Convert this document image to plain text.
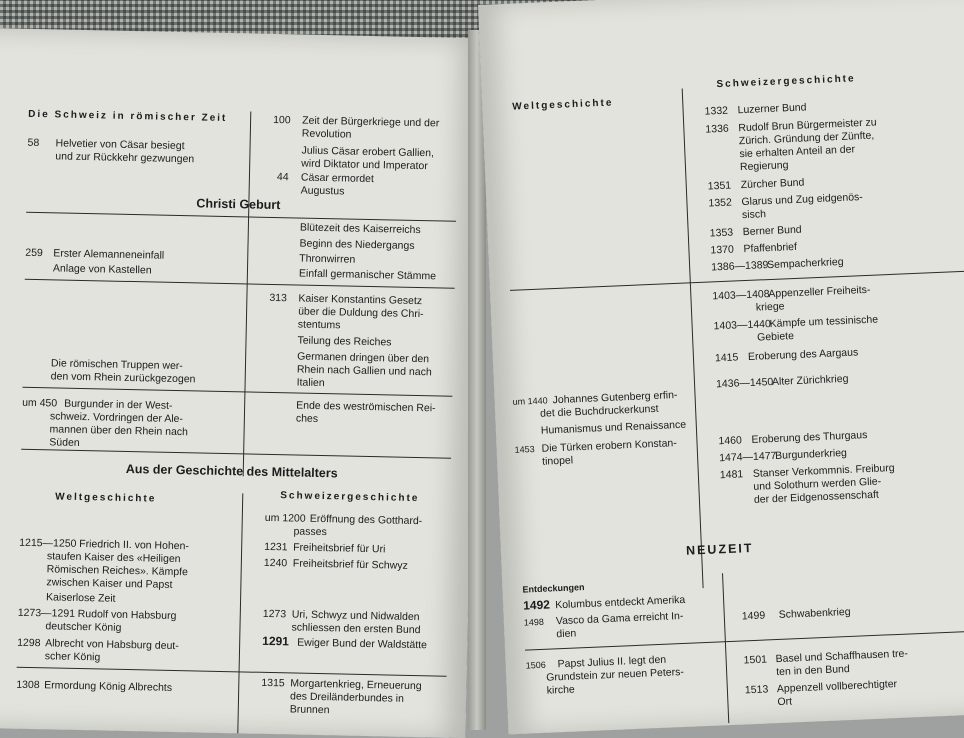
Die Schweiz in römischer Zeit
58 Helvetier von Cäsar besiegt
und zur Rückkehr gezwungen
100 Zeit der Bürgerkriege und der
Revolution
Julius Cäsar erobert Gallien,
wird Diktator und Imperator
44 Cäsar ermordet
Augustus
Christi Geburt
Blütezeit des Kaiserreichs
Beginn des Niedergangs
Thronwirren
Einfall germanischer Stämme
259 Erster Alemanneneinfall
Anlage von Kastellen
313 Kaiser Konstantins Gesetz
über die Duldung des Chri-
stentums
Teilung des Reiches
Germanen dringen über den
Rhein nach Gallien und nach
Italien
Die römischen Truppen wer-
den vom Rhein zurückgezogen
um 450 Burgunder in der West-
schweiz. Vordringen der Ale-
mannen über den Rhein nach
Süden
Ende des weströmischen Rei-
ches
Aus der Geschichte des Mittelalters
Weltgeschichte	Schweizergeschichte
1215—1250 Friedrich II. von Hohen-
staufen Kaiser des «Heiligen
Römischen Reiches». Kämpfe
zwischen Kaiser und Papst
Kaiserlose Zeit
1273—1291 Rudolf von Habsburg
deutscher König
1298 Albrecht von Habsburg deut-
scher König
1308 Ermordung König Albrechts
um 1200 Eröffnung des Gotthard-
passes
1231 Freiheitsbrief für Uri
1240 Freiheitsbrief für Schwyz
1273 Uri, Schwyz und Nidwalden
schliessen den ersten Bund
1291 Ewiger Bund der Waldstätte
1315 Morgartenkrieg, Erneuerung
des Dreiländerbundes in
Brunnen
Weltgeschichte
Schweizergeschichte
1332 Luzerner Bund
1336 Rudolf Brun Bürgermeister zu
Zürich. Gründung der Zünfte,
sie erhalten Anteil an der
Regierung
1351 Zürcher Bund
1352 Glarus und Zug eidgenös-
sisch
1353 Berner Bund
1370 Pfaffenbrief
1386—1389
Sempacherkrieg
1403—1408
Appenzeller Freiheits-
kriege
1403—1440
Kämpfe um tessinische
Gebiete
1415 Eroberung des Aargaus
1436—1450
Alter Zürichkrieg
um 1440 Johannes Gutenberg erfin-
det die Buchdruckerkunst
Humanismus und Renaissance
1453 Die Türken erobern Konstan-
tinopel
1460 Eroberung des Thurgaus
1474—1477
Burgunderkrieg
1481 Stanser Verkommnis. Freiburg
und Solothurn werden Glie-
der der Eidgenossenschaft
NEUZEIT
Entdeckungen
1492 Kolumbus entdeckt Amerika
1498 Vasco da Gama erreicht In-
dien
1499 Schwabenkrieg
1506 Papst Julius II. legt den
Grundstein zur neuen Peters-
kirche
1501 Basel und Schaffhausen tre-
ten in den Bund
1513 Appenzell vollberechtigter
Ort
105
